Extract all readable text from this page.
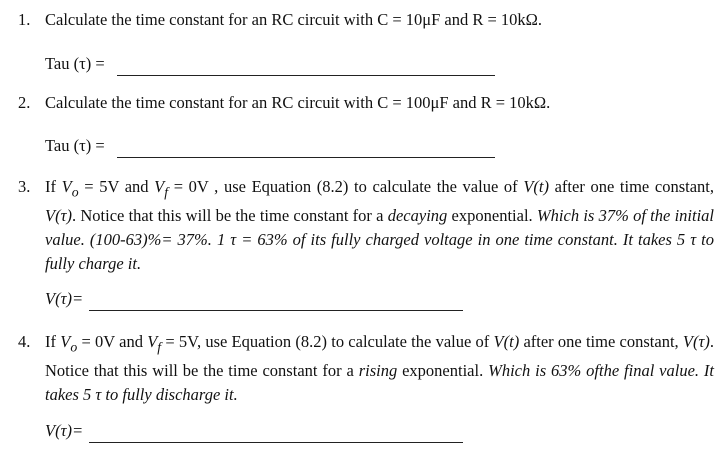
1. Calculate the time constant for an RC circuit with C = 10μF and R = 10kΩ.
Tau (τ) =
2. Calculate the time constant for an RC circuit with C = 100μF and R = 10kΩ.
Tau (τ) =
3. If $V_o = 5V$ and $V_f = 0V$ , use Equation (8.2) to calculate the value of V(t) after one time constant, V(τ). Notice that this will be the time constant for a decaying exponential. Which is 37% of the initial value. (100-63)%= 37%. 1 τ = 63% of its fully charged voltage in one time constant. It takes 5 τ to fully charge it.
V(τ)=
4. If $V_o = 0V$ and $V_f = 5V$, use Equation (8.2) to calculate the value of V(t) after one time constant, V(τ). Notice that this will be the time constant for a rising exponential. Which is 63% ofthe final value. It takes 5 τ to fully discharge it.
V(τ)=
